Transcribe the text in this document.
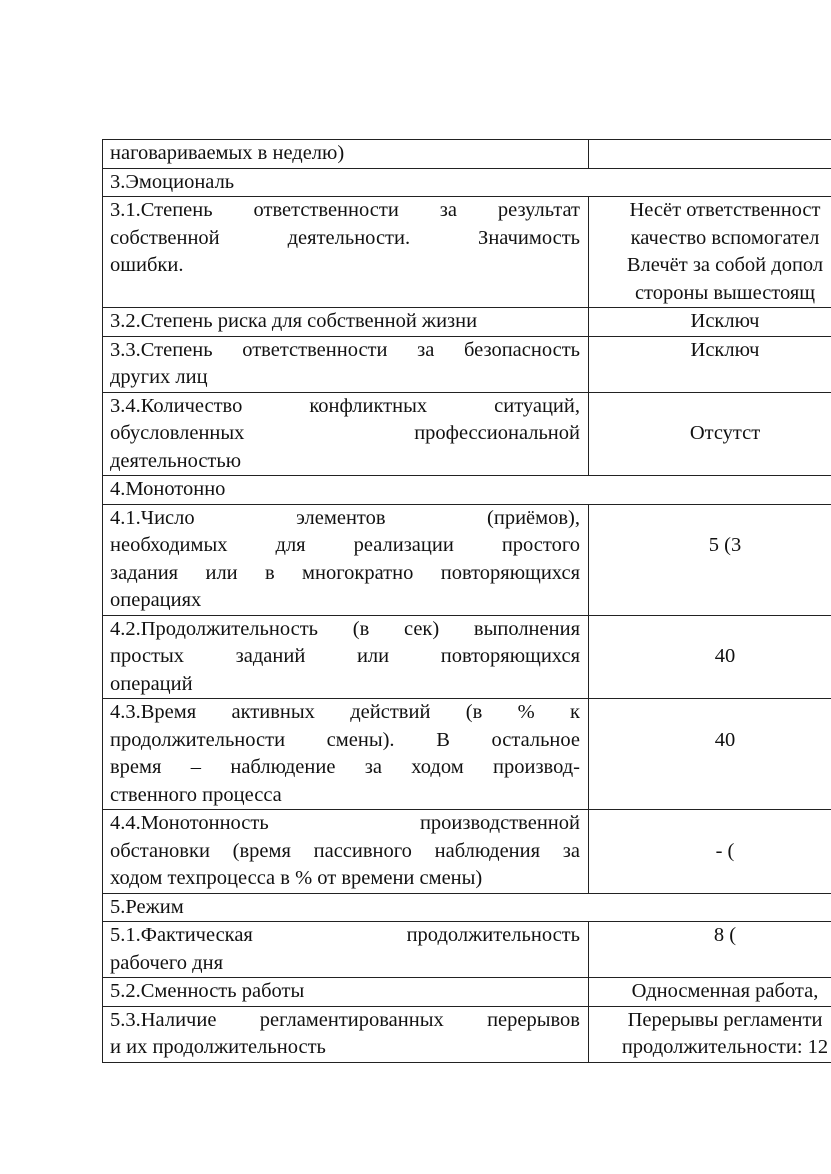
наговариваемых в неделю)	

3.Эмоциональ	

3.1.Степень ответственности за результат
собственной деятельности. Значимость
ошибки.	Несёт ответственност
качество вспомогател
Влечёт за собой допол
стороны вышестоящ

3.2.Степень риска для собственной жизни	Исключ

3.3.Степень ответственности за безопасность
других лиц	Исключ

3.4.Количество конфликтных ситуаций,
обусловленных профессиональной
деятельностью	Отсутст

4.Монотонно	

4.1.Число элементов (приёмов),
необходимых для реализации простого
задания или в многократно повторяющихся
операциях	5 (3

4.2.Продолжительность (в сек) выполнения
простых заданий или повторяющихся
операций	40

4.3.Время активных действий (в % к
продолжительности смены). В остальное
время – наблюдение за ходом производ-
ственного процесса	40

4.4.Монотонность производственной
обстановки (время пассивного наблюдения за
ходом техпроцесса в % от времени смены)	- (

5.Режим	

5.1.Фактическая продолжительность
рабочего дня	8 (

5.2.Сменность работы	Односменная работа,

5.3.Наличие регламентированных перерывов
и их продолжительность	Перерывы регламенти
продолжительности: 12
